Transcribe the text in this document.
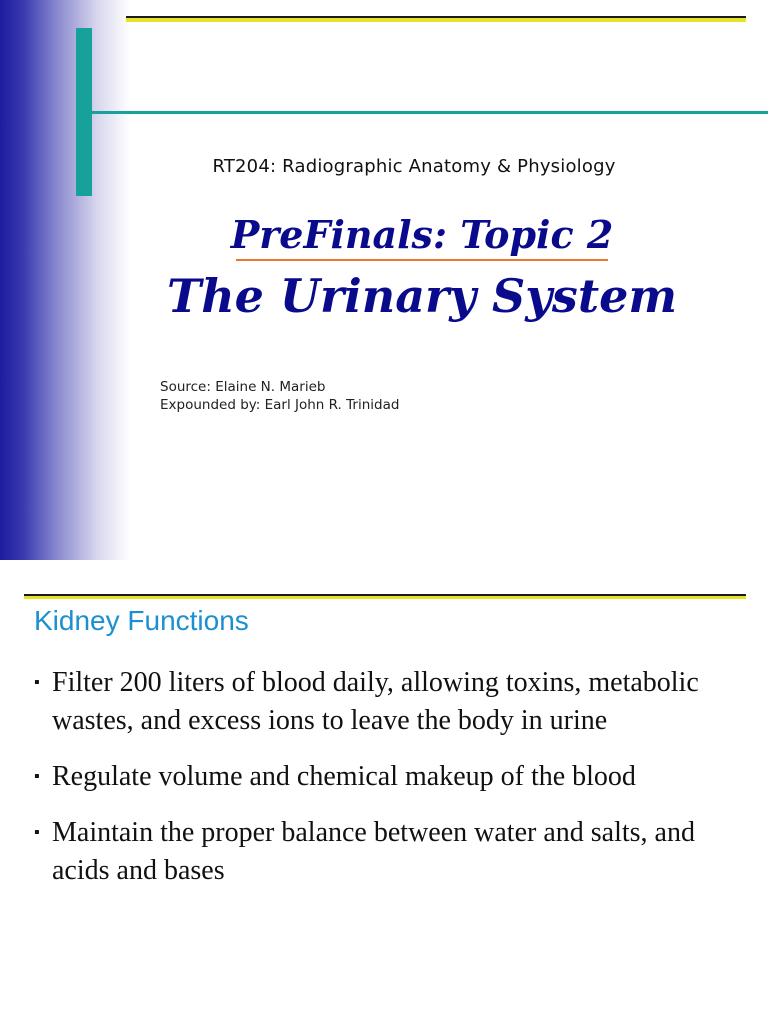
RT204: Radiographic Anatomy & Physiology
PreFinals: Topic 2
The Urinary System
Source: Elaine N. Marieb
Expounded by: Earl John R. Trinidad
Kidney Functions
▪ Filter 200 liters of blood daily, allowing toxins, metabolic wastes, and excess ions to leave the body in urine
▪ Regulate volume and chemical makeup of the blood
▪ Maintain the proper balance between water and salts, and acids and bases
